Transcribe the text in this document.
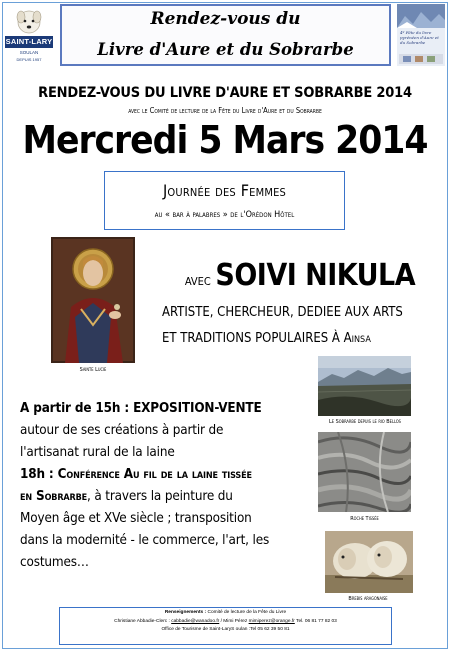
SAINT-LARY
SOULAN
DEPUIS 1957
Rendez-vous du
Livre d'Aure et du Sobrarbe
4º Fête du livre pyrénéen d'Aure et du Sobrarbe
RENDEZ-VOUS DU LIVRE D'AURE ET SOBRARBE 2014
avec le Comité de lecture de la Fête du Livre d'Aure et du Sobrarbe
Mercredi 5 Mars 2014
Journée des Femmes
au « bar à palabres » de l'Orédon Hôtel
Sainte Lucie
avec SOIVI NIKULA
ARTISTE, CHERCHEUR, DEDIEE AUX ARTS
ET TRADITIONS POPULAIRES À Ainsa
Le Sobrarbe depuis le rio Bellos
Roche Tissée
Brebis aragonaise

A partir de 15h : EXPOSITION-VENTE

autour de ses créations à partir de

l'artisanat rural de la laine

18h : Conférence Au fil de la laine tissée

en Sobrarbe, à travers la peinture du

Moyen âge et XVe siècle ; transposition

dans la modernité - le commerce, l'art, les

costumes…

Renseignements : Comité de lecture de la Fête du Livre
Christiane Abbadie-Clerc : cabbadie@wanadoo.fr / Mimi Pérez mimiperez@orange.fr Tel. 06 81 77 82 03
Office de Tourisme de Saint-LaryS oulan :Tel 05 62 39 50 81
